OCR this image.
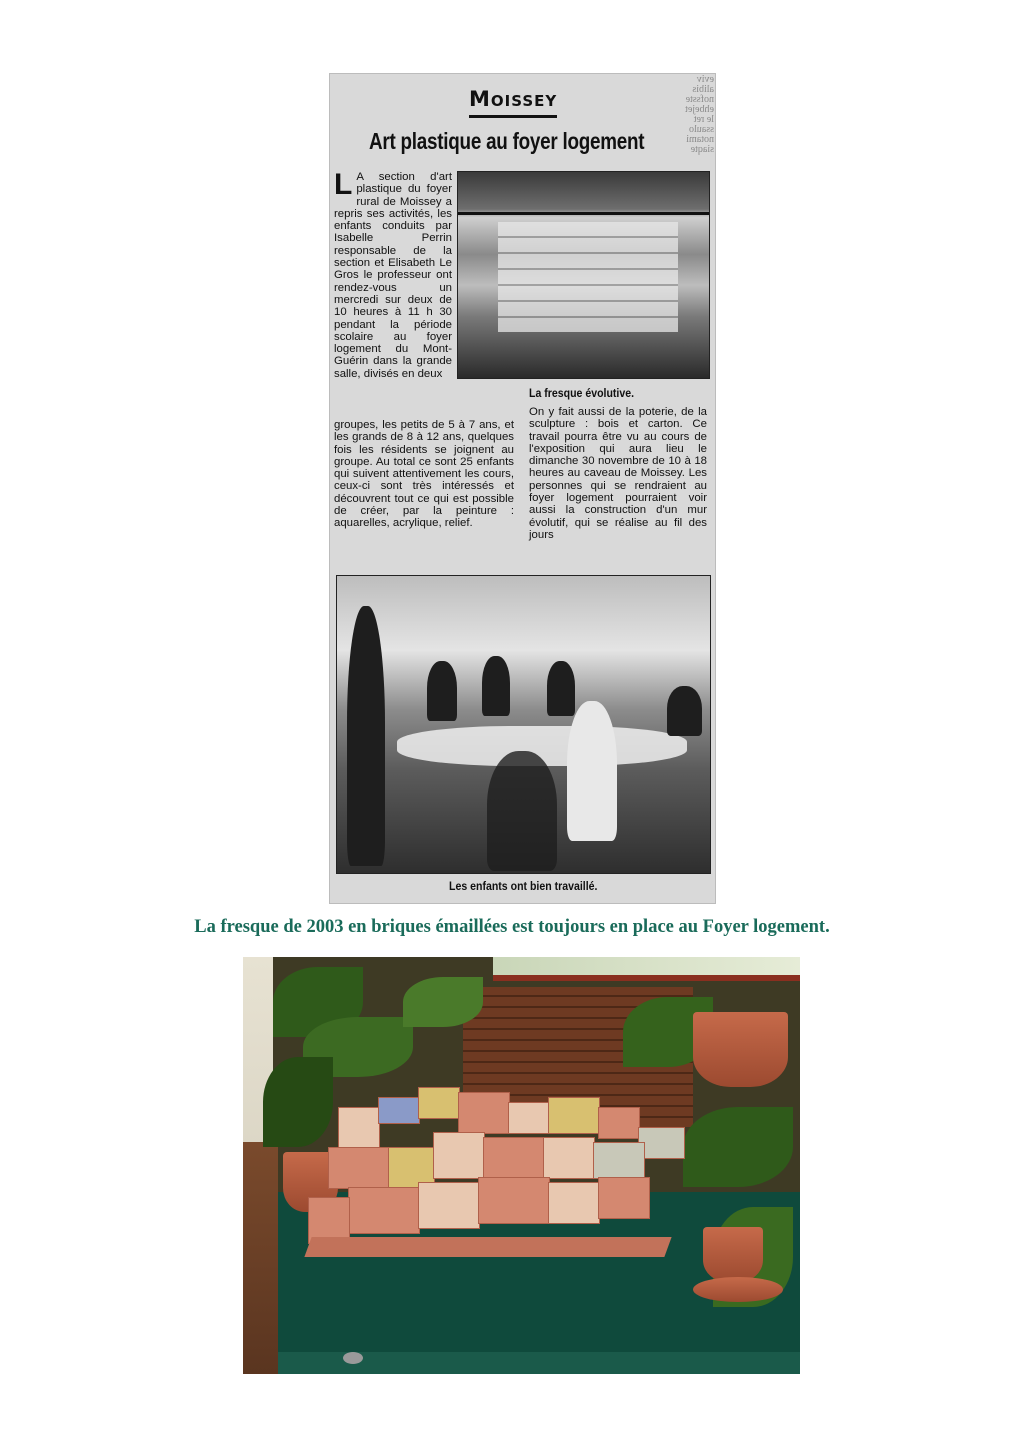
eviv
alibis
nofsste
ehbejet
le ret
ssaulo
notami
siaqte
Moissey
Art plastique au foyer logement

L A section d'art plastique du foyer rural de Moissey a repris ses activités, les enfants conduits par Isabelle Perrin responsable de la section et Elisabeth Le Gros le professeur ont rendez-vous un mercredi sur deux de 10 heures à 11 h 30 pendant la période scolaire au foyer logement du Mont-Guérin dans la grande salle, divisés en deux

La fresque évolutive.

groupes, les petits de 5 à 7 ans, et les grands de 8 à 12 ans, quelques fois les résidents se joignent au groupe. Au total ce sont 25 enfants qui suivent attentivement les cours, ceux-ci sont très intéressés et découvrent tout ce qui est possible de créer, par la peinture : aquarelles, acrylique, relief.

On y fait aussi de la poterie, de la sculpture : bois et carton. Ce travail pourra être vu au cours de l'exposition qui aura lieu le dimanche 30 novembre de 10 à 18 heures au caveau de Moissey. Les personnes qui se rendraient au foyer logement pourraient voir aussi la construction d'un mur évolutif, qui se réalise au fil des jours

Les enfants ont bien travaillé.
La fresque de 2003 en briques émaillées est toujours en place au Foyer logement.
